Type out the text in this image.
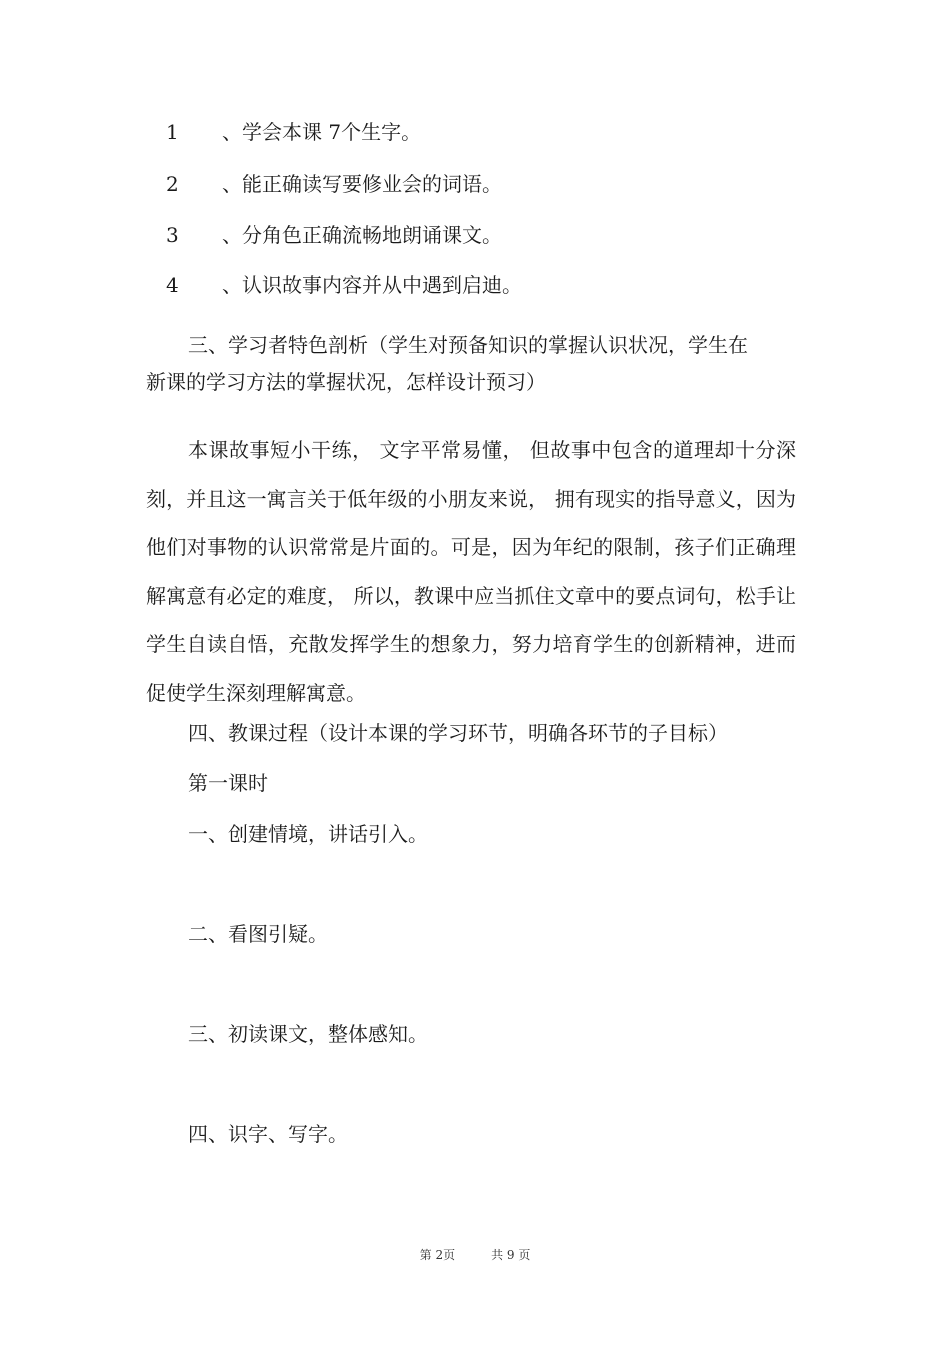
1 、学会本课 7个生字。
2 、能正确读写要修业会的词语。
3 、分角色正确流畅地朗诵课文。
4 、认识故事内容并从中遇到启迪。
三、学习者特色剖析（学生对预备知识的掌握认识状况，学生在
新课的学习方法的掌握状况，怎样设计预习）
本课故事短小干练， 文字平常易懂， 但故事中包含的道理却十分深刻，并且这一寓言关于低年级的小朋友来说， 拥有现实的指导意义，因为他们对事物的认识常常是片面的。可是，因为年纪的限制，孩子们正确理解寓意有必定的难度， 所以，教课中应当抓住文章中的要点词句，松手让学生自读自悟，充散发挥学生的想象力，努力培育学生的创新精神，进而促使学生深刻理解寓意。
四、教课过程（设计本课的学习环节，明确各环节的子目标）
第一课时
一、创建情境，讲话引入。
二、看图引疑。
三、初读课文，整体感知。
四、识字、写字。
第 2页	共 9 页
